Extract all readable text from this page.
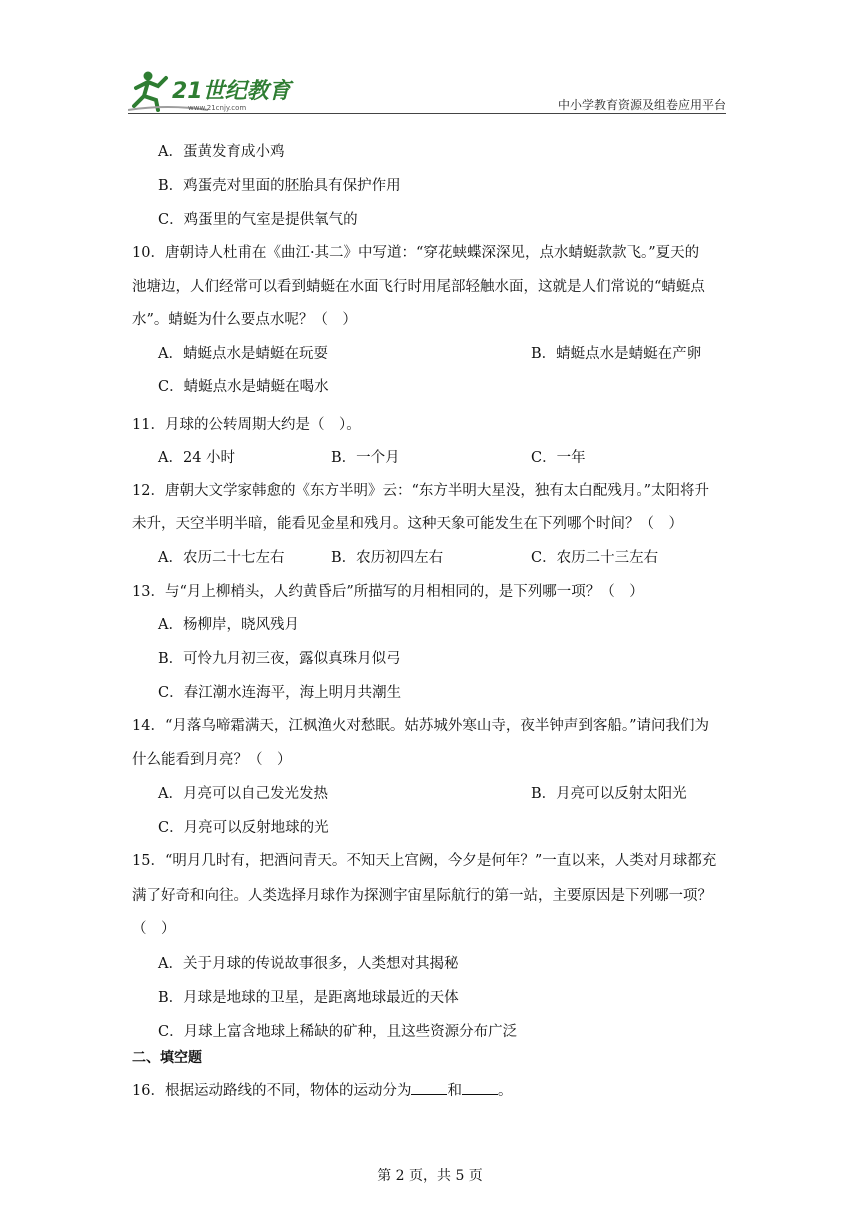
21世纪教育
www.21cnjy.com	中小学教育资源及组卷应用平台
A．蛋黄发育成小鸡
B．鸡蛋壳对里面的胚胎具有保护作用
C．鸡蛋里的气室是提供氧气的
10．唐朝诗人杜甫在《曲江·其二》中写道：“穿花蛱蝶深深见，点水蜻蜓款款飞。”夏天的
池塘边，人们经常可以看到蜻蜓在水面飞行时用尾部轻触水面，这就是人们常说的“蜻蜓点
水”。蜻蜓为什么要点水呢？（　）
A．蜻蜓点水是蜻蜓在玩耍	B．蜻蜓点水是蜻蜓在产卵
C．蜻蜓点水是蜻蜓在喝水
11．月球的公转周期大约是（　）。
A．24 小时	B．一个月	C．一年
12．唐朝大文学家韩愈的《东方半明》云：“东方半明大星没，独有太白配残月。”太阳将升
未升，天空半明半暗，能看见金星和残月。这种天象可能发生在下列哪个时间？（　）
A．农历二十七左右	B．农历初四左右	C．农历二十三左右
13．与“月上柳梢头，人约黄昏后”所描写的月相相同的，是下列哪一项？（　）
A．杨柳岸，晓风残月
B．可怜九月初三夜，露似真珠月似弓
C．春江潮水连海平，海上明月共潮生
14．“月落乌啼霜满天，江枫渔火对愁眠。姑苏城外寒山寺，夜半钟声到客船。”请问我们为
什么能看到月亮？（　）
A．月亮可以自己发光发热	B．月亮可以反射太阳光
C．月亮可以反射地球的光
15．“明月几时有，把酒问青天。不知天上宫阙，今夕是何年？”一直以来，人类对月球都充
满了好奇和向往。人类选择月球作为探测宇宙星际航行的第一站，主要原因是下列哪一项？
（　）
A．关于月球的传说故事很多，人类想对其揭秘
B．月球是地球的卫星，是距离地球最近的天体
C．月球上富含地球上稀缺的矿种，且这些资源分布广泛
二、填空题
16．根据运动路线的不同，物体的运动分为 和 。
第 2 页，共 5 页
